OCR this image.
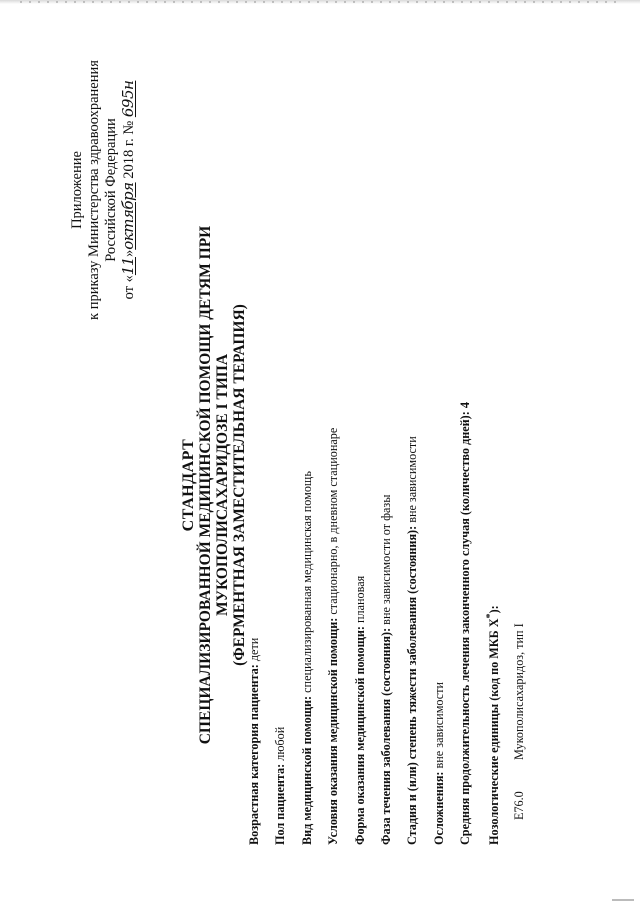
Приложение к приказу Министерства здравоохранения Российской Федерации
от «11»октября 2018 г. № 695н
СТАНДАРТ СПЕЦИАЛИЗИРОВАННОЙ МЕДИЦИНСКОЙ ПОМОЩИ ДЕТЯМ ПРИ МУКОПОЛИСАХАРИДОЗЕ I ТИПА (ФЕРМЕНТНАЯ ЗАМЕСТИТЕЛЬНАЯ ТЕРАПИЯ)
Возрастная категория пациента: дети
Пол пациента: любой Вид медицинской помощи: специализированная медицинская помощь
Условия оказания медицинской помощи: стационарно, в дневном стационаре
Форма оказания медицинской помощи: плановая
Фаза течения заболевания (состояния): вне зависимости от фазы Стадия и (или) степень тяжести заболевания (состояния): вне зависимости
Осложнения: вне зависимости Средняя продолжительность лечения законченного случая (количество дней): 4
Нозологические единицы (код по МКБ X*):
E76.0Мукополисахаридоз, тип I
